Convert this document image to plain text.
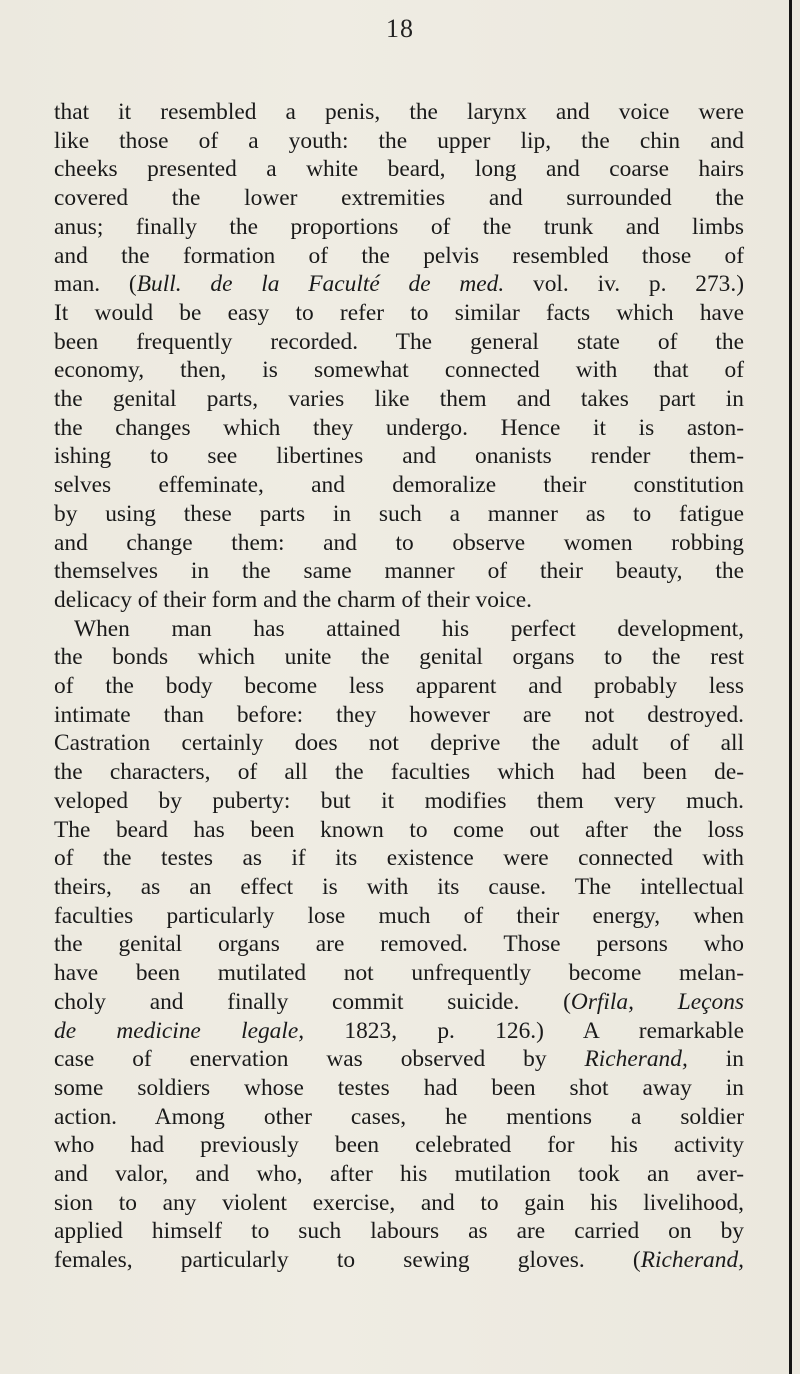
18
that it resembled a penis, the larynx and voice were
like those of a youth: the upper lip, the chin and
cheeks presented a white beard, long and coarse hairs
covered the lower extremities and surrounded the
anus; finally the proportions of the trunk and limbs
and the formation of the pelvis resembled those of
man. (Bull. de la Faculté de med. vol. iv. p. 273.)
It would be easy to refer to similar facts which have
been frequently recorded. The general state of the
economy, then, is somewhat connected with that of
the genital parts, varies like them and takes part in
the changes which they undergo. Hence it is aston-
ishing to see libertines and onanists render them-
selves effeminate, and demoralize their constitution
by using these parts in such a manner as to fatigue
and change them: and to observe women robbing
themselves in the same manner of their beauty, the
delicacy of their form and the charm of their voice.
When man has attained his perfect development,
the bonds which unite the genital organs to the rest
of the body become less apparent and probably less
intimate than before: they however are not destroyed.
Castration certainly does not deprive the adult of all
the characters, of all the faculties which had been de-
veloped by puberty: but it modifies them very much.
The beard has been known to come out after the loss
of the testes as if its existence were connected with
theirs, as an effect is with its cause. The intellectual
faculties particularly lose much of their energy, when
the genital organs are removed. Those persons who
have been mutilated not unfrequently become melan-
choly and finally commit suicide. (Orfila, Leçons
de medicine legale, 1823, p. 126.) A remarkable
case of enervation was observed by Richerand, in
some soldiers whose testes had been shot away in
action. Among other cases, he mentions a soldier
who had previously been celebrated for his activity
and valor, and who, after his mutilation took an aver-
sion to any violent exercise, and to gain his livelihood,
applied himself to such labours as are carried on by
females, particularly to sewing gloves. (Richerand,
